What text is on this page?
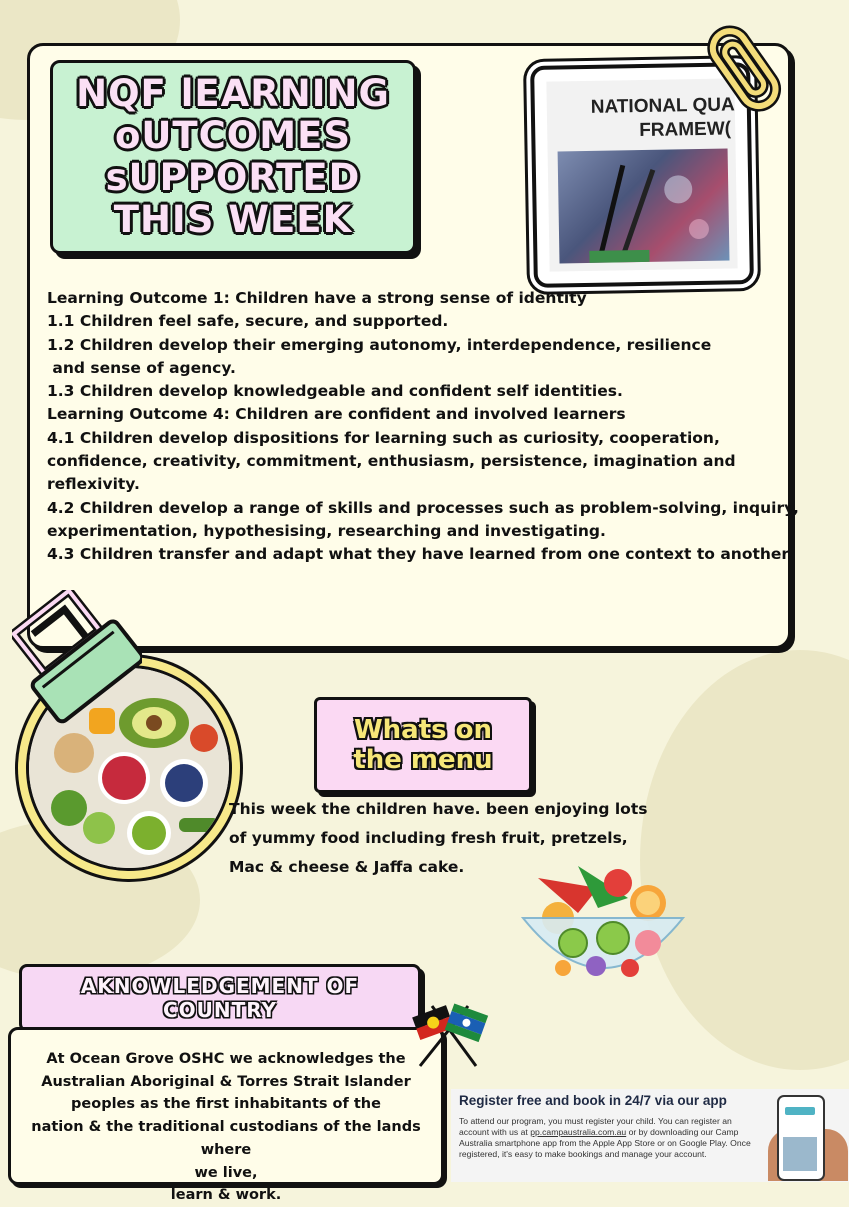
NQF lEARNING
oUTCOMES
sUPPORTED
THIS WEEK
NATIONAL QUA
FRAMEW(
Learning Outcome 1: Children have a strong sense of identity
1.1 Children feel safe, secure, and supported.
1.2 Children develop their emerging autonomy, interdependence, resilience
and sense of agency.
1.3 Children develop knowledgeable and confident self identities.
Learning Outcome 4: Children are confident and involved learners
4.1 Children develop dispositions for learning such as curiosity, cooperation,
confidence, creativity, commitment, enthusiasm, persistence, imagination and
reflexivity.
4.2 Children develop a range of skills and processes such as problem-solving, inquiry,
experimentation, hypothesising, researching and investigating.
4.3 Children transfer and adapt what they have learned from one context to another.
Whats on
the menu
This week the children have. been enjoying lots of yummy food including fresh fruit, pretzels, Mac & cheese & Jaffa cake.
AKNOWLEDGEMENT OF
COUNTRY
At Ocean Grove OSHC we acknowledges the
Australian Aboriginal & Torres Strait Islander
peoples as the first inhabitants of the
nation & the traditional custodians of the lands where
we live,
learn & work.
Register free and book in 24/7 via our app
To attend our program, you must register your child. You can register an account with us at pp.campaustralia.com.au or by downloading our Camp Australia smartphone app from the Apple App Store or on Google Play. Once registered, it's easy to make bookings and manage your account.
